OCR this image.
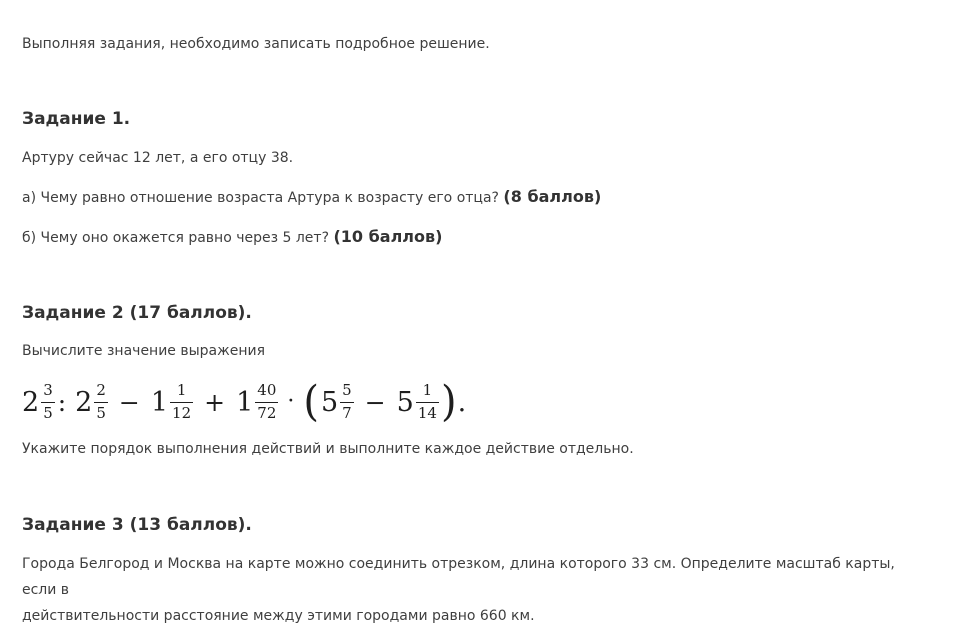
Выполняя задания, необходимо записать подробное решение.

Задание 1.

Артуру сейчас 12 лет, а его отцу 38.

а) Чему равно отношение возраста Артура к возрасту его отца? (8 баллов)

б) Чему оно окажется равно через 5 лет? (10 баллов)

Задание 2 (17 баллов).

Вычислите значение выражения

$2 \frac{3}{5}$ : $2 \frac{2}{5} - 1 \frac{1}{12} + 1 \frac{40}{72}$ · ( $5 \frac{5}{7} - 5 \frac{1}{14}$ ) .

Укажите порядок выполнения действий и выполните каждое действие отдельно.

Задание 3 (13 баллов).

Города Белгород и Москва на карте можно соединить отрезком, длина которого 33 см. Определите масштаб карты, если в
действительности расстояние между этими городами равно 660 км.
